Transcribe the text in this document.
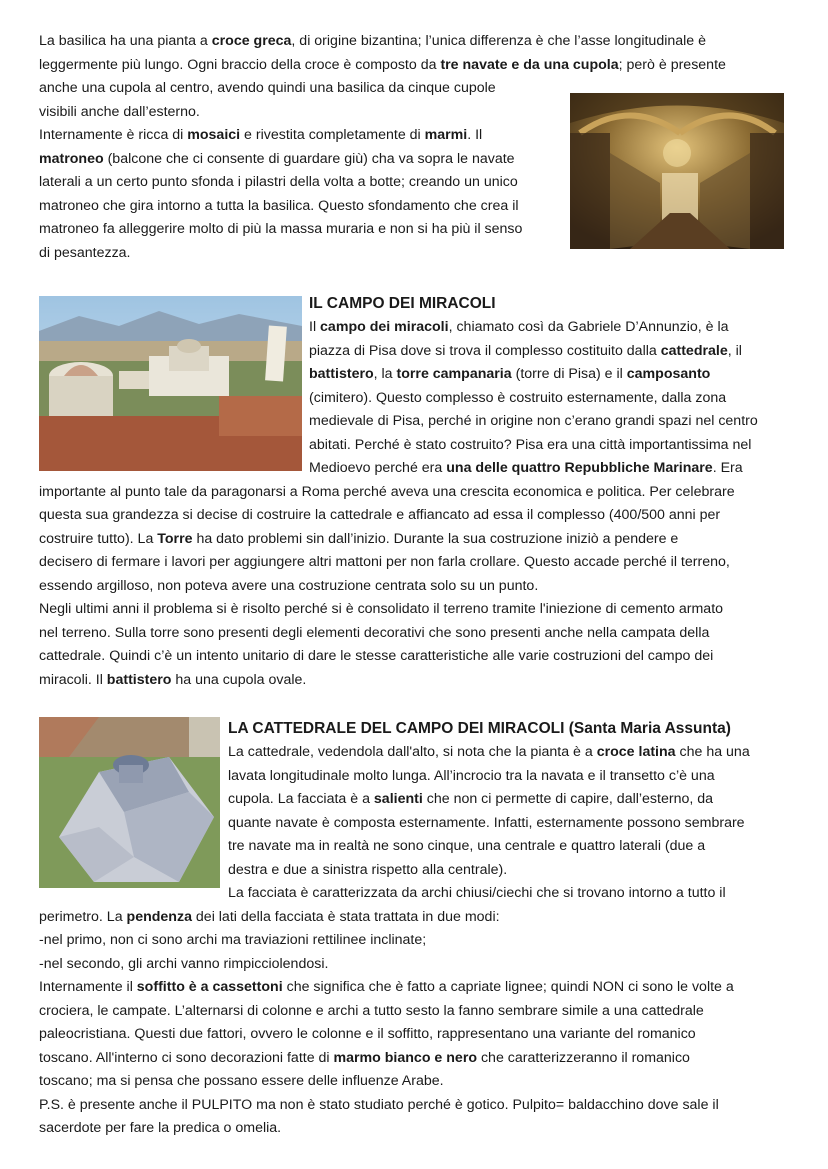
La basilica ha una pianta a croce greca, di origine bizantina; l’unica differenza è che l’asse longitudinale è
leggermente più lungo. Ogni braccio della croce è composto da tre navate e da una cupola; però è presente
anche una cupola al centro, avendo quindi una basilica da cinque cupole
visibili anche dall’esterno.
Internamente è ricca di mosaici e rivestita completamente di marmi. Il
matroneo (balcone che ci consente di guardare giù) cha va sopra le navate
laterali a un certo punto sfonda i pilastri della volta a botte; creando un unico
matroneo che gira intorno a tutta la basilica. Questo sfondamento che crea il
matroneo fa alleggerire molto di più la massa muraria e non si ha più il senso
di pesantezza.
IL CAMPO DEI MIRACOLI
Il campo dei miracoli, chiamato così da Gabriele D’Annunzio, è la
piazza di Pisa dove si trova il complesso costituito dalla cattedrale, il
battistero, la torre campanaria (torre di Pisa) e il camposanto
(cimitero). Questo complesso è costruito esternamente, dalla zona
medievale di Pisa, perché in origine non c’erano grandi spazi nel centro
abitati. Perché è stato costruito? Pisa era una città importantissima nel
Medioevo perché era una delle quattro Repubbliche Marinare. Era
importante al punto tale da paragonarsi a Roma perché aveva una crescita economica e politica. Per celebrare
questa sua grandezza si decise di costruire la cattedrale e affiancato ad essa il complesso (400/500 anni per
costruire tutto). La Torre ha dato problemi sin dall’inizio. Durante la sua costruzione iniziò a pendere e
decisero di fermare i lavori per aggiungere altri mattoni per non farla crollare. Questo accade perché il terreno,
essendo argilloso, non poteva avere una costruzione centrata solo su un punto.
Negli ultimi anni il problema si è risolto perché si è consolidato il terreno tramite l'iniezione di cemento armato
nel terreno. Sulla torre sono presenti degli elementi decorativi che sono presenti anche nella campata della
cattedrale. Quindi c’è un intento unitario di dare le stesse caratteristiche alle varie costruzioni del campo dei
miracoli. Il battistero ha una cupola ovale.
LA CATTEDRALE DEL CAMPO DEI MIRACOLI (Santa Maria Assunta)
La cattedrale, vedendola dall'alto, si nota che la pianta è a croce latina che ha una
lavata longitudinale molto lunga. All’incrocio tra la navata e il transetto c’è una
cupola. La facciata è a salienti che non ci permette di capire, dall’esterno, da
quante navate è composta esternamente. Infatti, esternamente possono sembrare
tre navate ma in realtà ne sono cinque, una centrale e quattro laterali (due a
destra e due a sinistra rispetto alla centrale).
La facciata è caratterizzata da archi chiusi/ciechi che si trovano intorno a tutto il
perimetro. La pendenza dei lati della facciata è stata trattata in due modi:
-nel primo, non ci sono archi ma traviazioni rettilinee inclinate;
-nel secondo, gli archi vanno rimpicciolendosi.
Internamente il soffitto è a cassettoni che significa che è fatto a capriate lignee; quindi NON ci sono le volte a
crociera, le campate. L’alternarsi di colonne e archi a tutto sesto la fanno sembrare simile a una cattedrale
paleocristiana. Questi due fattori, ovvero le colonne e il soffitto, rappresentano una variante del romanico
toscano. All'interno ci sono decorazioni fatte di marmo bianco e nero che caratterizzeranno il romanico
toscano; ma si pensa che possano essere delle influenze Arabe.
P.S. è presente anche il PULPITO ma non è stato studiato perché è gotico. Pulpito= baldacchino dove sale il
sacerdote per fare la predica o omelia.
